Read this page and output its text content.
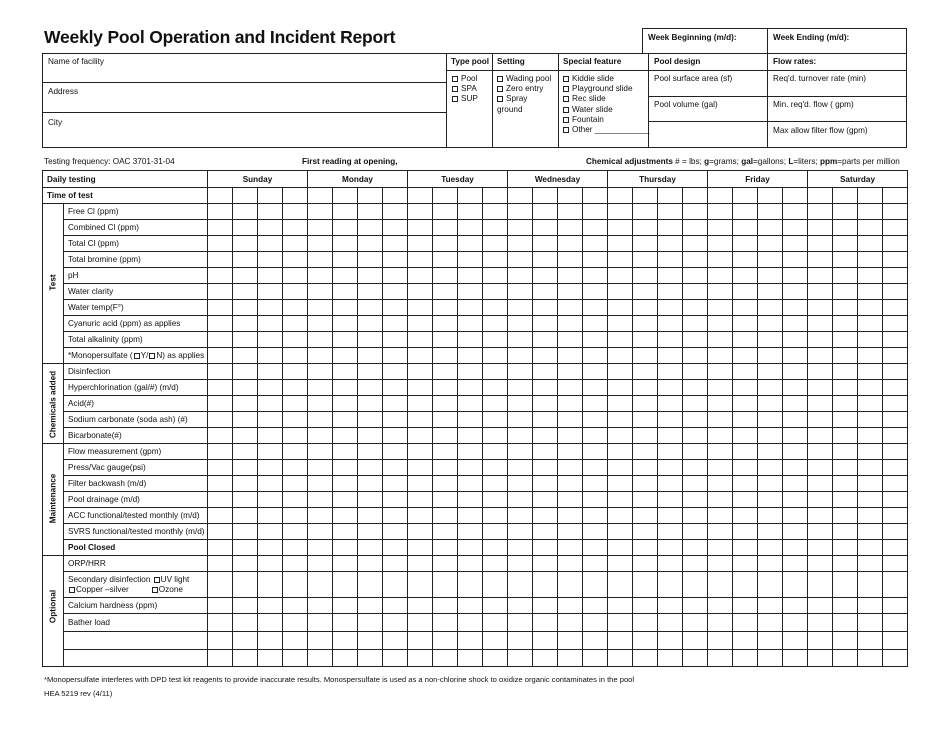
Weekly Pool Operation and Incident Report	Week Beginning (m/d):	Week Ending (m/d):
Name of facility
Address
City
Type pool
Pool
SPA
SUP
Setting
Wading pool
Zero entry
Spray
ground
Special feature
Kiddie slide
Playground slide
Rec slide
Water slide
Fountain
Other ____________
Pool design
Pool surface area (sf)
Pool volume (gal)
Flow rates:
Req'd. turnover rate (min)
Min. req'd. flow ( gpm)
Max allow filter flow (gpm)
Testing frequency: OAC 3701-31-04	First reading at opening,	Chemical adjustments # = lbs; g=grams; gal=gallons; L=liters; ppm=parts per million
Daily testing		Sunday				Monday				Tuesday				Wednesday				Thursday				Friday				Saturday			
Time of test																													

Test	Free Cl (ppm)																												
	Combined Cl (ppm)																												
	Total Cl (ppm)																												
	Total bromine (ppm)																												
	pH																												
	Water clarity																												
	Water temp(F°)																												
	Cyanuric acid (ppm) as applies																												
	Total alkalinity (ppm)																												
	*Monopersulfate ( Y/ N) as applies																												

Chemicals added	Disinfection																												
	Hyperchlorination (gal/#) (m/d)																												
	Acid(#)																												
	Sodium carbonate (soda ash) (#)																												
	Bicarbonate(#)																												

Maintenance	Flow measurement (gpm)																												
	Press/Vac gauge(psi)																												
	Filter backwash (m/d)																												
	Pool drainage (m/d)																												
	ACC functional/tested monthly (m/d)																												
	SVRS functional/tested monthly (m/d)																												
	Pool Closed																												

Optional	ORP/HRR																												

	Secondary disinfection UV light
Copper –silver Ozone																												

	Calcium hardness (ppm)																												
	Bather load																												

*Monopersulfate interferes with DPD test kit reagents to provide inaccurate results. Monospersulfate is used as a non-chlorine shock to oxidize organic contaminates in the pool
HEA 5219 rev (4/11)
